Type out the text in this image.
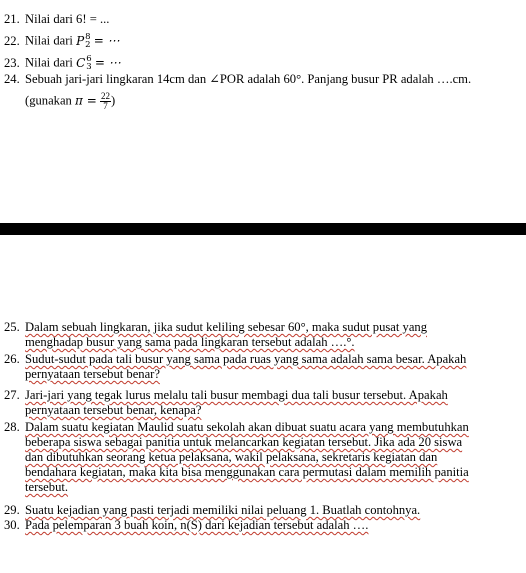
21. Nilai dari 6! = ...
22. Nilai dari P 8
2 = ⋯
23. Nilai dari C 6
3 = ⋯
24. Sebuah jari-jari lingkaran 14cm dan ∠POR adalah 60°. Panjang busur PR adalah ….cm.
(gunakan $\pi = \frac{22}{7}$ )
25. Dalam sebuah lingkaran, jika sudut keliling sebesar 60°, maka sudut pusat yang
menghadap busur yang sama pada lingkaran tersebut adalah ….°.
26. Sudut-sudut pada tali busur yang sama pada ruas yang sama adalah sama besar. Apakah
pernyataan tersebut benar?
27. Jari-jari yang tegak lurus melalu tali busur membagi dua tali busur tersebut. Apakah
pernyataan tersebut benar, kenapa?
28. Dalam suatu kegiatan Maulid suatu sekolah akan dibuat suatu acara yang membutuhkan
beberapa siswa sebagai panitia untuk melancarkan kegiatan tersebut. Jika ada 20 siswa
dan dibutuhkan seorang ketua pelaksana, wakil pelaksana, sekretaris kegiatan dan
bendahara kegiatan, maka kita bisa menggunakan cara permutasi dalam memilih panitia
tersebut.
29. Suatu kejadian yang pasti terjadi memiliki nilai peluang 1. Buatlah contohnya.
30. Pada pelemparan 3 buah koin, n(S) dari kejadian tersebut adalah ….
